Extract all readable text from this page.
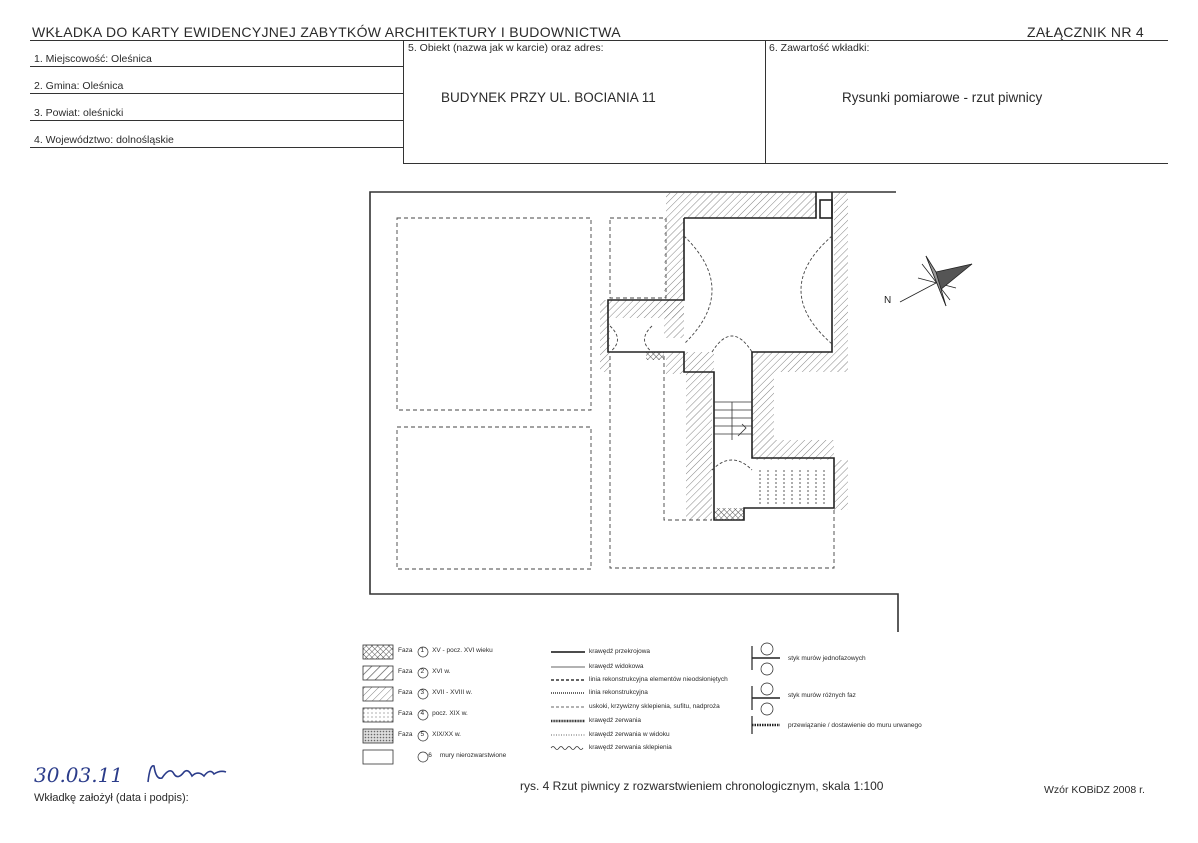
WKŁADKA DO KARTY EWIDENCYJNEJ ZABYTKÓW ARCHITEKTURY I BUDOWNICTWA	ZAŁĄCZNIK NR 4
1. Miejscowość: Oleśnica
2. Gmina: Oleśnica
3. Powiat: oleśnicki
4. Województwo: dolnośląskie
5. Obiekt (nazwa jak w karcie) oraz adres:
BUDYNEK PRZY UL. BOCIANIA 11
6. Zawartość wkładki:
Rysunki pomiarowe - rzut piwnicy
N
Faza 1 XV - pocz. XVI wieku
Faza 2 XVI w.
Faza 3 XVII - XVIII w.
Faza 4 pocz. XIX w.
Faza 5 XIX/XX w.
6 mury nierozwarstwione
krawędź przekrojowa
krawędź widokowa
linia rekonstrukcyjna elementów nieodsłoniętych
linia rekonstrukcyjna
uskoki, krzywizny sklepienia, sufitu, nadproża
krawędź zerwania
krawędź zerwania w widoku
krawędź zerwania sklepienia
styk murów jednofazowych
styk murów różnych faz
przewiązanie / dostawienie do muru urwanego
30.03.11
Wkładkę założył (data i podpis):
rys. 4 Rzut piwnicy z rozwarstwieniem chronologicznym, skala 1:100	Wzór KOBiDZ 2008 r.
